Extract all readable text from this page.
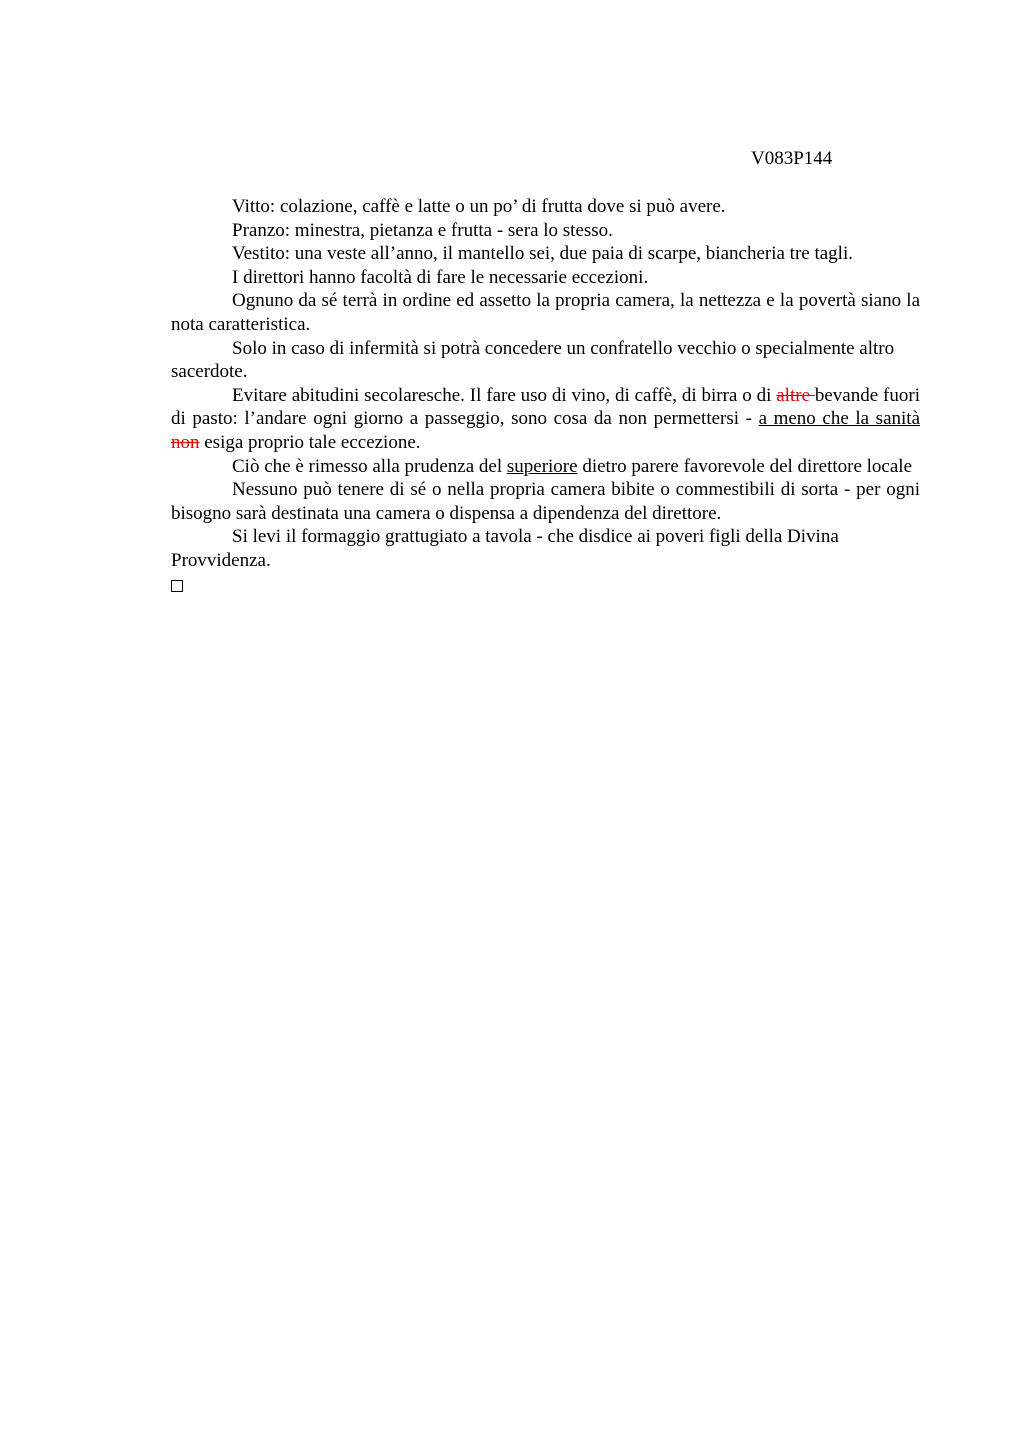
V083P144

Vitto: colazione, caffè e latte o un po’ di frutta dove si può avere.

Pranzo: minestra, pietanza e frutta - sera lo stesso.

Vestito: una veste all’anno, il mantello sei, due paia di scarpe, biancheria tre tagli.

I direttori hanno facoltà di fare le necessarie eccezioni.

Ognuno da sé terrà in ordine ed assetto la propria camera, la nettezza e la povertà siano la nota caratteristica.

Solo in caso di infermità si potrà concedere un confratello vecchio o specialmente altro sacerdote.

Evitare abitudini secolaresche. Il fare uso di vino, di caffè, di birra o di altre bevande fuori di pasto: l’andare ogni giorno a passeggio, sono cosa da non permettersi - a meno che la sanità non esiga proprio tale eccezione.

Ciò che è rimesso alla prudenza del superiore dietro parere favorevole del direttore locale

Nessuno può tenere di sé o nella propria camera bibite o commestibili di sorta - per ogni bisogno sarà destinata una camera o dispensa a dipendenza del direttore.

Si levi il formaggio grattugiato a tavola - che disdice ai poveri figli della Divina Provvidenza.
